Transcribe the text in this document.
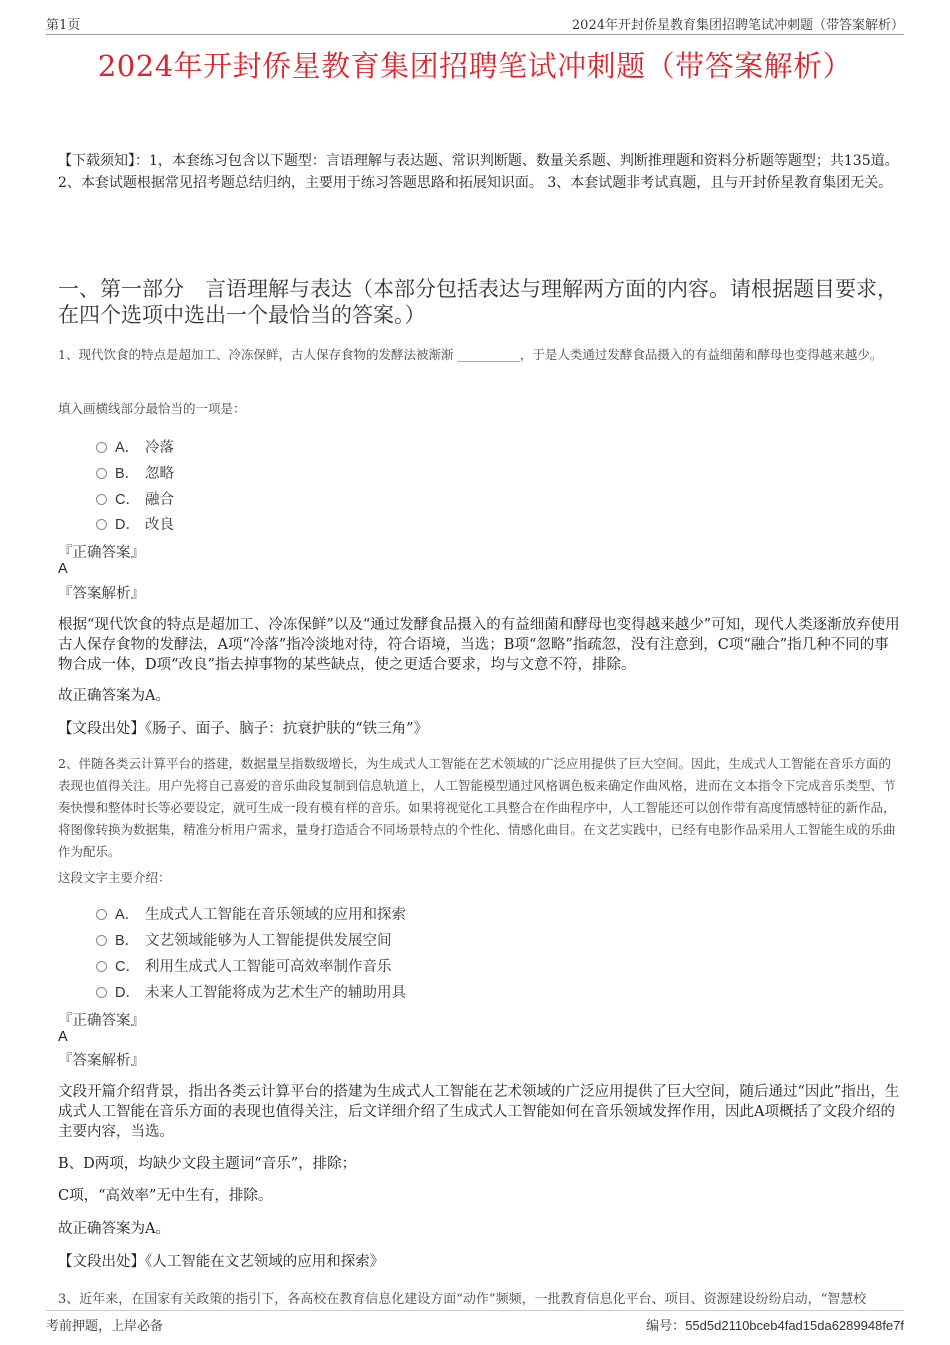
第1页	2024年开封侨星教育集团招聘笔试冲刺题（带答案解析）
2024年开封侨星教育集团招聘笔试冲刺题（带答案解析）
【下载须知】：1，本套练习包含以下题型：言语理解与表达题、常识判断题、数量关系题、判断推理题和资料分析题等题型；共135道。2、本套试题根据常见招考题总结归纳，主要用于练习答题思路和拓展知识面。 3、本套试题非考试真题，且与开封侨星教育集团无关。
一、第一部分　言语理解与表达（本部分包括表达与理解两方面的内容。请根据题目要求，在四个选项中选出一个最恰当的答案。）
1、现代饮食的特点是超加工、冷冻保鲜，古人保存食物的发酵法被渐渐 __________，于是人类通过发酵食品摄入的有益细菌和酵母也变得越来越少。
填入画横线部分最恰当的一项是：
A． 冷落
B． 忽略
C． 融合
D． 改良
『正确答案』
A
『答案解析』
根据“现代饮食的特点是超加工、冷冻保鲜”以及“通过发酵食品摄入的有益细菌和酵母也变得越来越少”可知，现代人类逐渐放弃使用古人保存食物的发酵法，A项“冷落”指冷淡地对待，符合语境，当选；B项“忽略”指疏忽，没有注意到，C项“融合”指几种不同的事物合成一体，D项“改良”指去掉事物的某些缺点，使之更适合要求，均与文意不符，排除。
故正确答案为A。
【文段出处】《肠子、面子、脑子：抗衰护肤的“铁三角”》
2、伴随各类云计算平台的搭建，数据量呈指数级增长，为生成式人工智能在艺术领域的广泛应用提供了巨大空间。因此，生成式人工智能在音乐方面的表现也值得关注。用户先将自己喜爱的音乐曲段复制到信息轨道上，人工智能模型通过风格调色板来确定作曲风格，进而在文本指令下完成音乐类型、节奏快慢和整体时长等必要设定，就可生成一段有模有样的音乐。如果将视觉化工具整合在作曲程序中，人工智能还可以创作带有高度情感特征的新作品，将图像转换为数据集，精准分析用户需求，量身打造适合不同场景特点的个性化、情感化曲目。在文艺实践中，已经有电影作品采用人工智能生成的乐曲作为配乐。
这段文字主要介绍：
A． 生成式人工智能在音乐领域的应用和探索
B． 文艺领域能够为人工智能提供发展空间
C． 利用生成式人工智能可高效率制作音乐
D． 未来人工智能将成为艺术生产的辅助用具
『正确答案』
A
『答案解析』
文段开篇介绍背景，指出各类云计算平台的搭建为生成式人工智能在艺术领域的广泛应用提供了巨大空间，随后通过“因此”指出，生成式人工智能在音乐方面的表现也值得关注，后文详细介绍了生成式人工智能如何在音乐领域发挥作用，因此A项概括了文段介绍的主要内容，当选。
B、D两项，均缺少文段主题词“音乐”，排除；
C项，“高效率”无中生有，排除。
故正确答案为A。
【文段出处】《人工智能在文艺领域的应用和探索》
3、近年来，在国家有关政策的指引下，各高校在教育信息化建设方面“动作”频频，一批教育信息化平台、项目、资源建设纷纷启动，“智慧校
考前押题，上岸必备	编号：55d5d2110bceb4fad15da6289948fe7f
